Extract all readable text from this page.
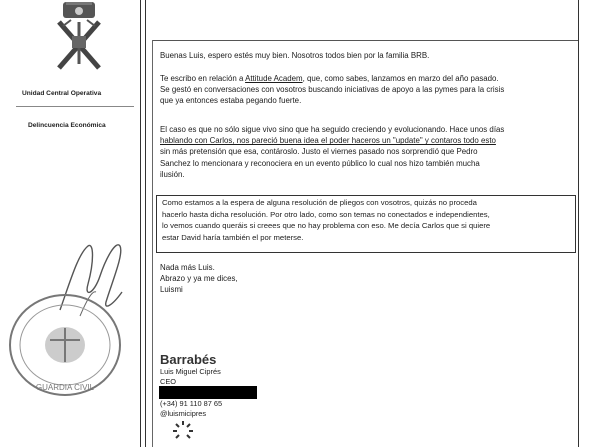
Unidad Central Operativa
Delincuencia Económica
GUARDIA CIVIL

Buenas Luis, espero estés muy bien. Nosotros todos bien por la familia BRB.

Te escribo en relación a Attitude Academ, que, como sabes, lanzamos en marzo del año pasado.

Se gestó en conversaciones con vosotros buscando iniciativas de apoyo a las pymes para la crisis

que ya entonces estaba pegando fuerte.

El caso es que no sólo sigue vivo sino que ha seguido creciendo y evolucionando. Hace unos días

hablando con Carlos, nos pareció buena idea el poder haceros un "update" y contaros todo esto

sin más pretensión que esa, contároslo. Justo el viernes pasado nos sorprendió que Pedro

Sanchez lo mencionara y reconociera en un evento público lo cual nos hizo también mucha

ilusión.

Como estamos a la espera de alguna resolución de pliegos con vosotros, quizás no proceda

hacerlo hasta dicha resolución. Por otro lado, como son temas no conectados e independientes,

lo vemos cuando queráis si creees que no hay problema con eso. Me decía Carlos que si quiere

estar David haría también el por meterse.

Nada más Luis.

Abrazo y ya me dices,

Luismi

Barrabés
Luis Miguel Ciprés
CEO
(+34) 91 110 87 65
@luismicipres
